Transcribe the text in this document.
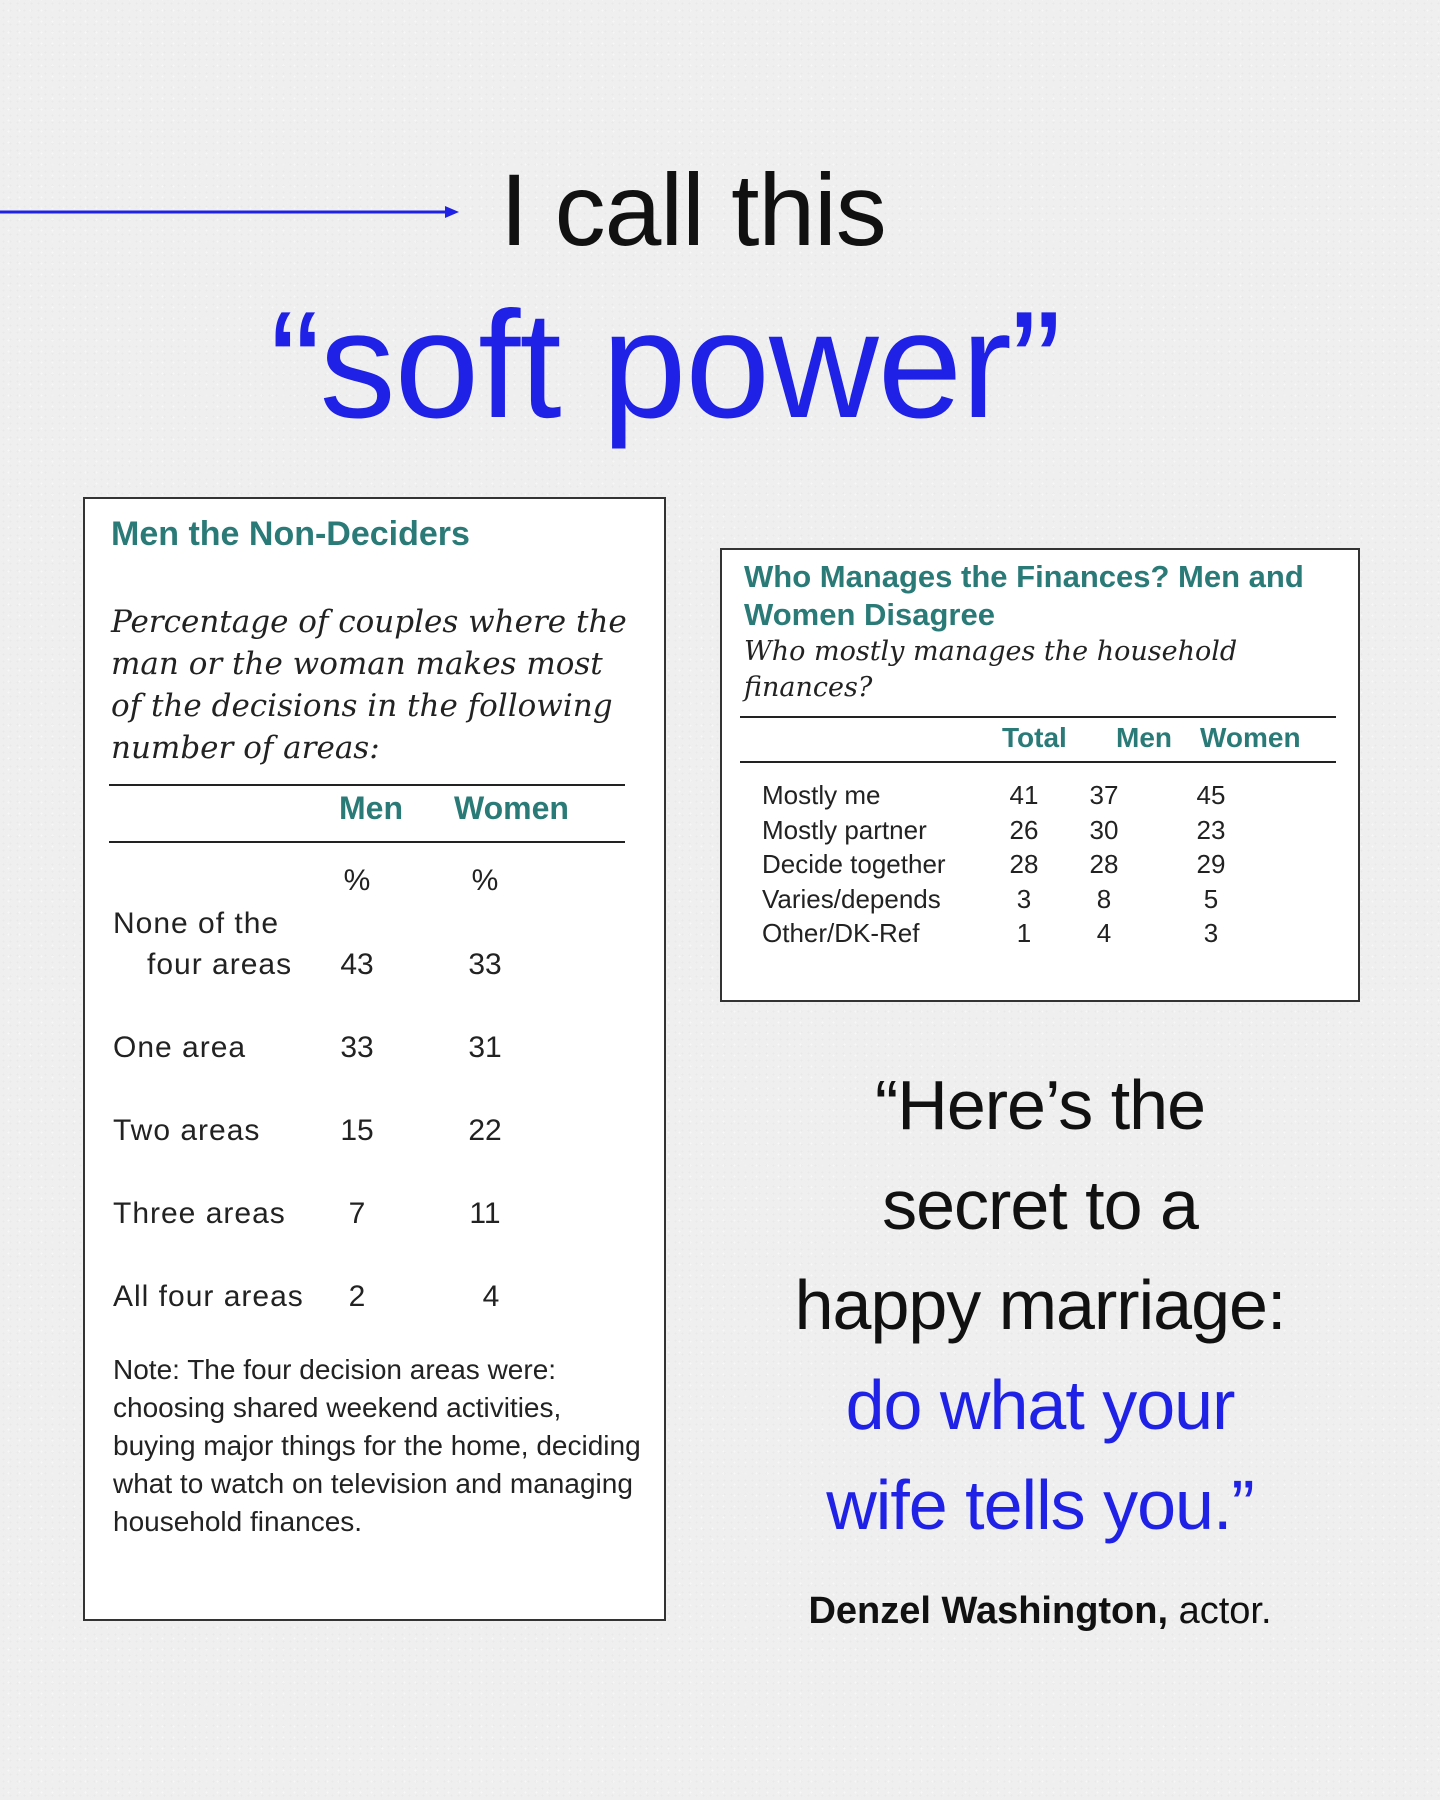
I call this
“soft power”
Men the Non-Deciders
Percentage of couples where the man or the woman makes most of the decisions in the following number of areas:
Men Women
%	%
None of the
four areas	43	33
One area	33	31
Two areas	15	22
Three areas	7	11
All four areas	2	4
Note: The four decision areas were: choosing shared weekend activities, buying major things for the home, deciding what to watch on television and managing household finances.
Who Manages the Finances? Men and Women Disagree
Who mostly manages the household finances?
Total Men Women
Mostly me	41	37	45
Mostly partner	26	30	23
Decide together	28	28	29
Varies/depends	3	8	5
Other/DK-Ref	1	4	3
“Here’s the
secret to a
happy marriage:
do what your
wife tells you.”
Denzel Washington, actor.
